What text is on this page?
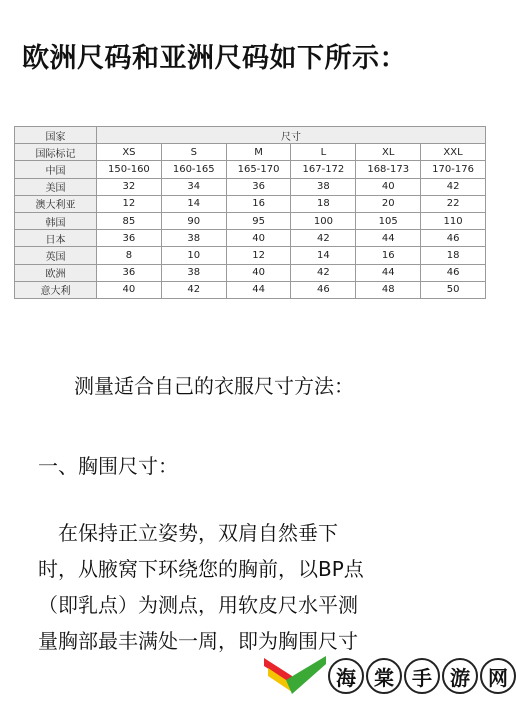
欧洲尺码和亚洲尺码如下所示：
国家	尺寸					
国际标记	XS	S	M	L	XL	XXL
中国	150-160	160-165	165-170	167-172	168-173	170-176
美国	32	34	36	38	40	42
澳大利亚	12	14	16	18	20	22
韩国	85	90	95	100	105	110
日本	36	38	40	42	44	46
英国	8	10	12	14	16	18
欧洲	36	38	40	42	44	46
意大利	40	42	44	46	48	50
测量适合自己的衣服尺寸方法：
一、胸围尺寸：
　在保持正立姿势，双肩自然垂下
时，从腋窝下环绕您的胸前，以BP点
（即乳点）为测点，用软皮尺水平测
量胸部最丰满处一周，即为胸围尺寸
海 棠 手 游 网
